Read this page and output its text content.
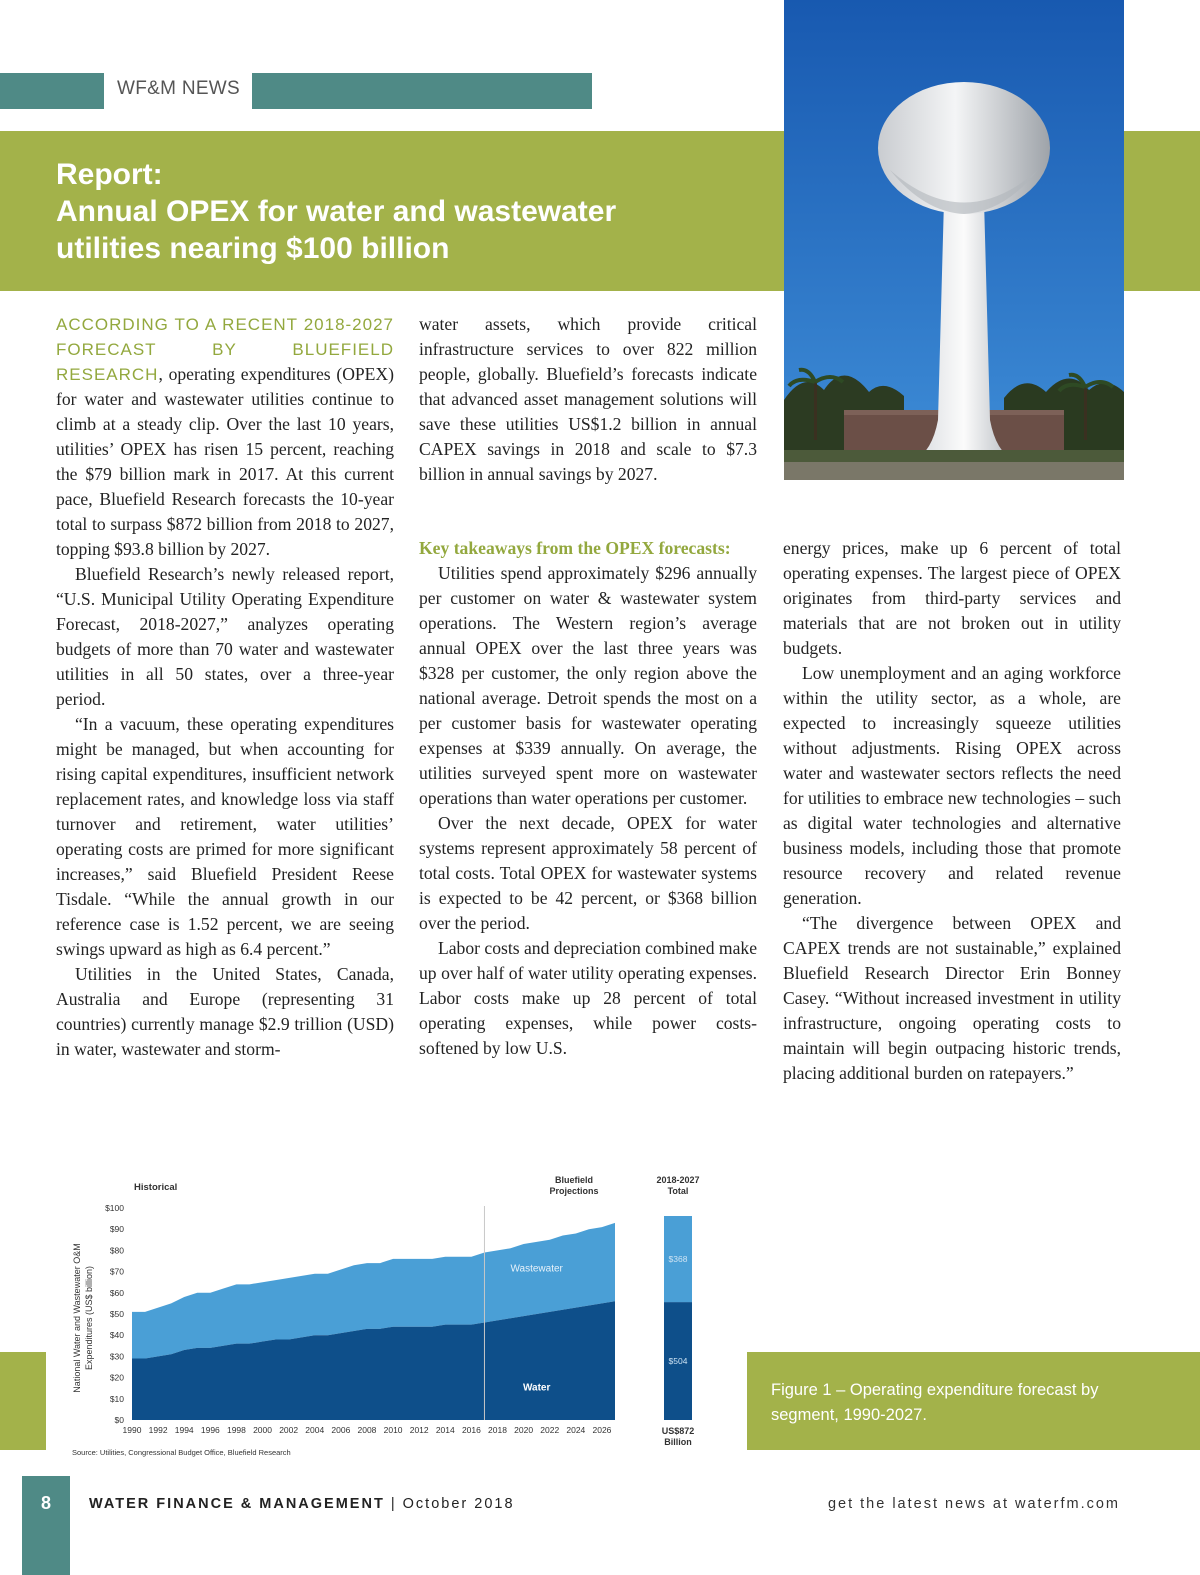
WF&M NEWS
Report:
Annual OPEX for water and wastewater
utilities nearing $100 billion

ACCORDING TO A RECENT 2018-2027 FORECAST BY BLUEFIELD RESEARCH, operating expenditures (OPEX) for water and wastewater utilities continue to climb at a steady clip. Over the last 10 years, utilities’ OPEX has risen 15 percent, reaching the $79 billion mark in 2017. At this current pace, Bluefield Research forecasts the 10-year total to surpass $872 billion from 2018 to 2027, topping $93.8 billion by 2027.

Bluefield Research’s newly released report, “U.S. Municipal Utility Operating Expenditure Forecast, 2018-2027,” analyzes operating budgets of more than 70 water and wastewater utilities in all 50 states, over a three-year period.

“In a vacuum, these operating expenditures might be managed, but when accounting for rising capital expenditures, insufficient network replacement rates, and knowledge loss via staff turnover and retirement, water utilities’ operating costs are primed for more significant increases,” said Bluefield President Reese Tisdale. “While the annual growth in our reference case is 1.52 percent, we are seeing swings upward as high as 6.4 percent.”

Utilities in the United States, Canada, Australia and Europe (representing 31 countries) currently manage $2.9 trillion (USD) in water, wastewater and storm-

water assets, which provide critical infrastructure services to over 822 million people, globally. Bluefield’s forecasts indicate that advanced asset management solutions will save these utilities US$1.2 billion in annual CAPEX savings in 2018 and scale to $7.3 billion in annual savings by 2027.

Key takeaways from the OPEX forecasts:

Utilities spend approximately $296 annually per customer on water & wastewater system operations. The Western region’s average annual OPEX over the last three years was $328 per customer, the only region above the national average. Detroit spends the most on a per customer basis for wastewater operating expenses at $339 annually. On average, the utilities surveyed spent more on wastewater operations than water operations per customer.

Over the next decade, OPEX for water systems represent approximately 58 percent of total costs. Total OPEX for wastewater systems is expected to be 42 percent, or $368 billion over the period.

Labor costs and depreciation combined make up over half of water utility operating expenses. Labor costs make up 28 percent of total operating expenses, while power costs- softened by low U.S.

energy prices, make up 6 percent of total operating expenses. The largest piece of OPEX originates from third-party services and materials that are not broken out in utility budgets.

Low unemployment and an aging workforce within the utility sector, as a whole, are expected to increasingly squeeze utilities without adjustments. Rising OPEX across water and wastewater sectors reflects the need for utilities to embrace new technologies – such as digital water technologies and alternative business models, including those that promote resource recovery and related revenue generation.

“The divergence between OPEX and CAPEX trends are not sustainable,” explained Bluefield Research Director Erin Bonney Casey. “Without increased investment in utility infrastructure, ongoing operating costs to maintain will begin outpacing historic trends, placing additional burden on ratepayers.”

Figure 1 – Operating expenditure forecast by segment, 1990-2027.
National Water and Wastewater O&M Expenditures (US$ billion)
$0
$10
$20
$30
$40
$50
$60
$70
$80
$90
$100
1990 1992 1994 1996 1998 2000 2002 2004 2006 2008 2010 2012 2014 2016 2018 2020 2022 2024 2026
Historical
Bluefield
Projections
Wastewater
Water
2018-2027
Total
$504
$368
US$872
Billion
Source: Utilities, Congressional Budget Office, Bluefield Research
8	WATER FINANCE & MANAGEMENT | October 2018	get the latest news at waterfm.com
